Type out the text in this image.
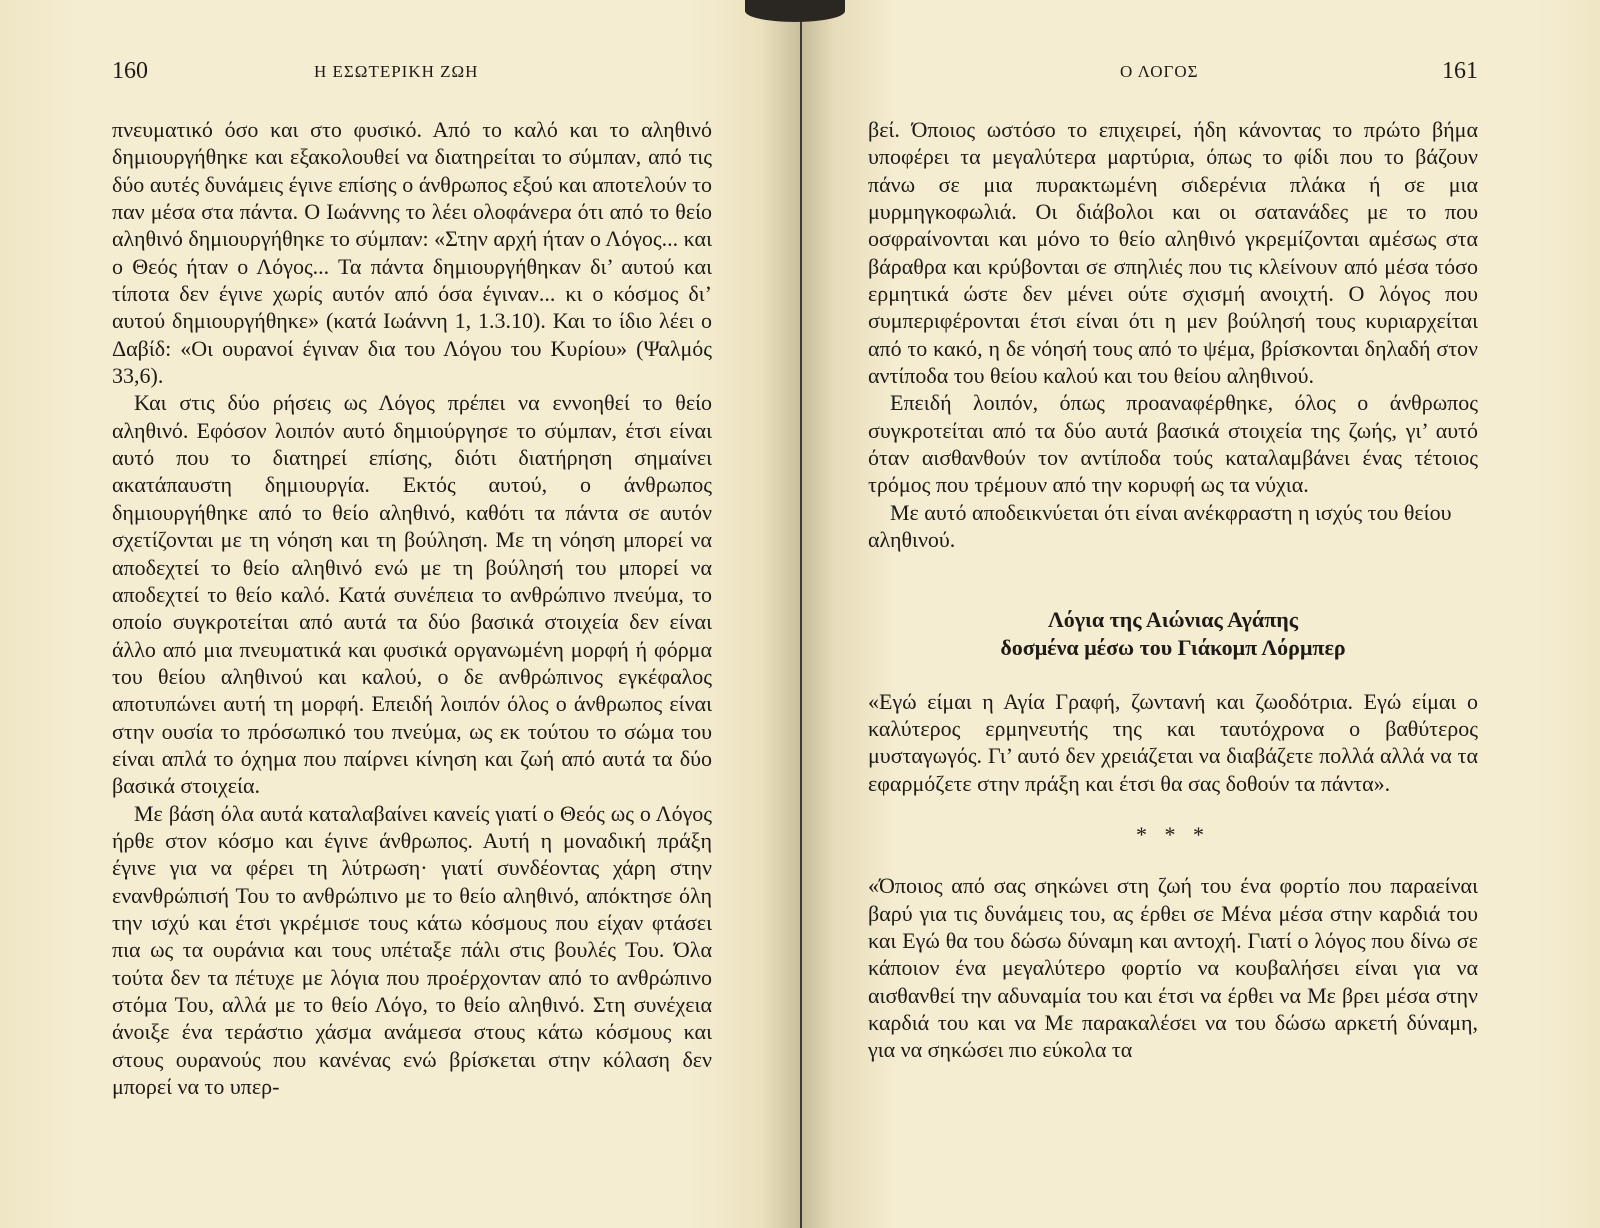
160	Η ΕΣΩΤΕΡΙΚΗ ΖΩΗ

πνευματικό όσο και στο φυσικό. Από το καλό και το αληθινό δημιουργήθηκε και εξακολουθεί να διατηρείται το σύμπαν, από τις δύο αυτές δυνάμεις έγινε επίσης ο άνθρωπος εξού και αποτελούν το παν μέσα στα πάντα. Ο Ιωάννης το λέει ολοφάνερα ότι από το θείο αληθινό δημιουργήθηκε το σύμπαν: «Στην αρχή ήταν ο Λόγος... και ο Θεός ήταν ο Λόγος... Τα πάντα δημιουργήθηκαν δι’ αυτού και τίποτα δεν έγινε χωρίς αυτόν από όσα έγιναν... κι ο κόσμος δι’ αυτού δημιουργήθηκε» (κατά Ιωάννη 1, 1.3.10). Και το ίδιο λέει ο Δαβίδ: «Οι ουρανοί έγιναν δια του Λόγου του Κυρίου» (Ψαλμός 33,6).

Και στις δύο ρήσεις ως Λόγος πρέπει να εννοηθεί το θείο αληθινό. Εφόσον λοιπόν αυτό δημιούργησε το σύμπαν, έτσι είναι αυτό που το διατηρεί επίσης, διότι διατήρηση σημαίνει ακατάπαυστη δημιουργία. Εκτός αυτού, ο άνθρωπος δημιουργήθηκε από το θείο αληθινό, καθότι τα πάντα σε αυτόν σχετίζονται με τη νόηση και τη βούληση. Με τη νόηση μπορεί να αποδεχτεί το θείο αληθινό ενώ με τη βούλησή του μπορεί να αποδεχτεί το θείο καλό. Κατά συνέπεια το ανθρώπινο πνεύμα, το οποίο συγκροτείται από αυτά τα δύο βασικά στοιχεία δεν είναι άλλο από μια πνευματικά και φυσικά οργανωμένη μορφή ή φόρμα του θείου αληθινού και καλού, ο δε ανθρώπινος εγκέφαλος αποτυπώνει αυτή τη μορφή. Επειδή λοιπόν όλος ο άνθρωπος είναι στην ουσία το πρόσωπικό του πνεύμα, ως εκ τούτου το σώμα του είναι απλά το όχημα που παίρνει κίνηση και ζωή από αυτά τα δύο βασικά στοιχεία.

Με βάση όλα αυτά καταλαβαίνει κανείς γιατί ο Θεός ως ο Λόγος ήρθε στον κόσμο και έγινε άνθρωπος. Αυτή η μοναδική πράξη έγινε για να φέρει τη λύτρωση· γιατί συνδέοντας χάρη στην ενανθρώπισή Του το ανθρώπινο με το θείο αληθινό, απόκτησε όλη την ισχύ και έτσι γκρέμισε τους κάτω κόσμους που είχαν φτάσει πια ως τα ουράνια και τους υπέταξε πάλι στις βουλές Του. Όλα τούτα δεν τα πέτυχε με λόγια που προέρχονταν από το ανθρώπινο στόμα Του, αλλά με το θείο Λόγο, το θείο αληθινό. Στη συνέχεια άνοιξε ένα τεράστιο χάσμα ανάμεσα στους κάτω κόσμους και στους ουρανούς που κανένας ενώ βρίσκεται στην κόλαση δεν μπορεί να το υπερ-

Ο ΛΟΓΟΣ	161

βεί. Όποιος ωστόσο το επιχειρεί, ήδη κάνοντας το πρώτο βήμα υποφέρει τα μεγαλύτερα μαρτύρια, όπως το φίδι που το βάζουν πάνω σε μια πυρακτωμένη σιδερένια πλάκα ή σε μια μυρμηγκοφωλιά. Οι διάβολοι και οι σατανάδες με το που οσφραίνονται και μόνο το θείο αληθινό γκρεμίζονται αμέσως στα βάραθρα και κρύβονται σε σπηλιές που τις κλείνουν από μέσα τόσο ερμητικά ώστε δεν μένει ούτε σχισμή ανοιχτή. Ο λόγος που συμπεριφέρονται έτσι είναι ότι η μεν βούλησή τους κυριαρχείται από το κακό, η δε νόησή τους από το ψέμα, βρίσκονται δηλαδή στον αντίποδα του θείου καλού και του θείου αληθινού.

Επειδή λοιπόν, όπως προαναφέρθηκε, όλος ο άνθρωπος συγκροτείται από τα δύο αυτά βασικά στοιχεία της ζωής, γι’ αυτό όταν αισθανθούν τον αντίποδα τούς καταλαμβάνει ένας τέτοιος τρόμος που τρέμουν από την κορυφή ως τα νύχια.

Με αυτό αποδεικνύεται ότι είναι ανέκφραστη η ισχύς του θείου αληθινού.

Λόγια της Αιώνιας Αγάπης
δοσμένα μέσω του Γιάκομπ Λόρμπερ

«Εγώ είμαι η Αγία Γραφή, ζωντανή και ζωοδότρια. Εγώ είμαι ο καλύτερος ερμηνευτής της και ταυτόχρονα ο βαθύτερος μυσταγωγός. Γι’ αυτό δεν χρειάζεται να διαβάζετε πολλά αλλά να τα εφαρμόζετε στην πράξη και έτσι θα σας δοθούν τα πάντα».

* * *

«Όποιος από σας σηκώνει στη ζωή του ένα φορτίο που παραείναι βαρύ για τις δυνάμεις του, ας έρθει σε Μένα μέσα στην καρδιά του και Εγώ θα του δώσω δύναμη και αντοχή. Γιατί ο λόγος που δίνω σε κάποιον ένα μεγαλύτερο φορτίο να κουβαλήσει είναι για να αισθανθεί την αδυναμία του και έτσι να έρθει να Με βρει μέσα στην καρδιά του και να Με παρακαλέσει να του δώσω αρκετή δύναμη, για να σηκώσει πιο εύκολα τα
